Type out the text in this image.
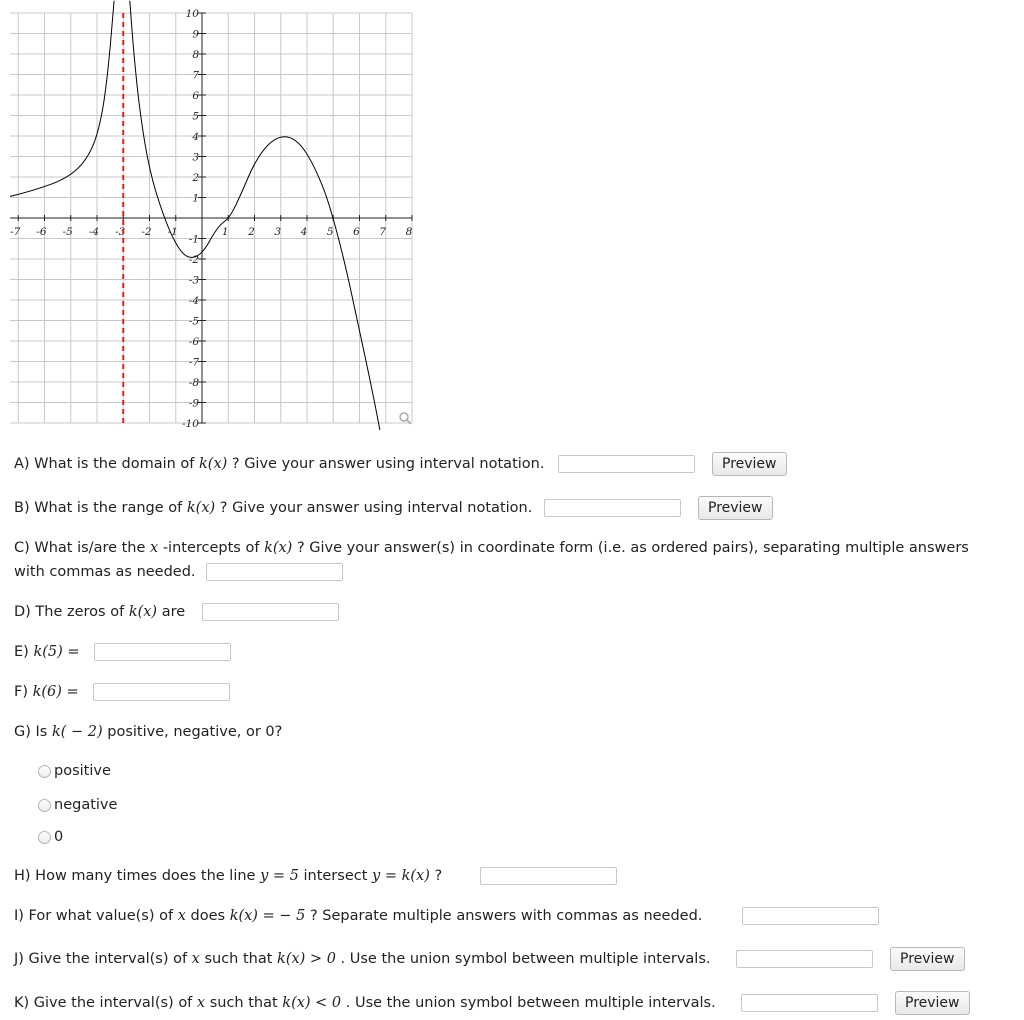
-7 -6 -5 -4 -3 -2 -1	1 2 3 4 5 6 7 8
10
9
8
7
6
5
4
3
2
1
-1
-2
-3
-4
-5
-6
-7
-8
-9
-10
A) What is the domain of k(x) ? Give your answer using interval notation.	Preview
B) What is the range of k(x) ? Give your answer using interval notation.	Preview
C) What is/are the x -intercepts of k(x) ? Give your answer(s) in coordinate form (i.e. as ordered pairs), separating multiple answers
with commas as needed.
D) The zeros of k(x) are
E) k(5) =
F) k(6) =
G) Is k( − 2) positive, negative, or 0?
positive
negative
0
H) How many times does the line y = 5 intersect y = k(x) ?
I) For what value(s) of x does k(x) = − 5 ? Separate multiple answers with commas as needed.
J) Give the interval(s) of x such that k(x) > 0 . Use the union symbol between multiple intervals.	Preview
K) Give the interval(s) of x such that k(x) < 0 . Use the union symbol between multiple intervals.	Preview
